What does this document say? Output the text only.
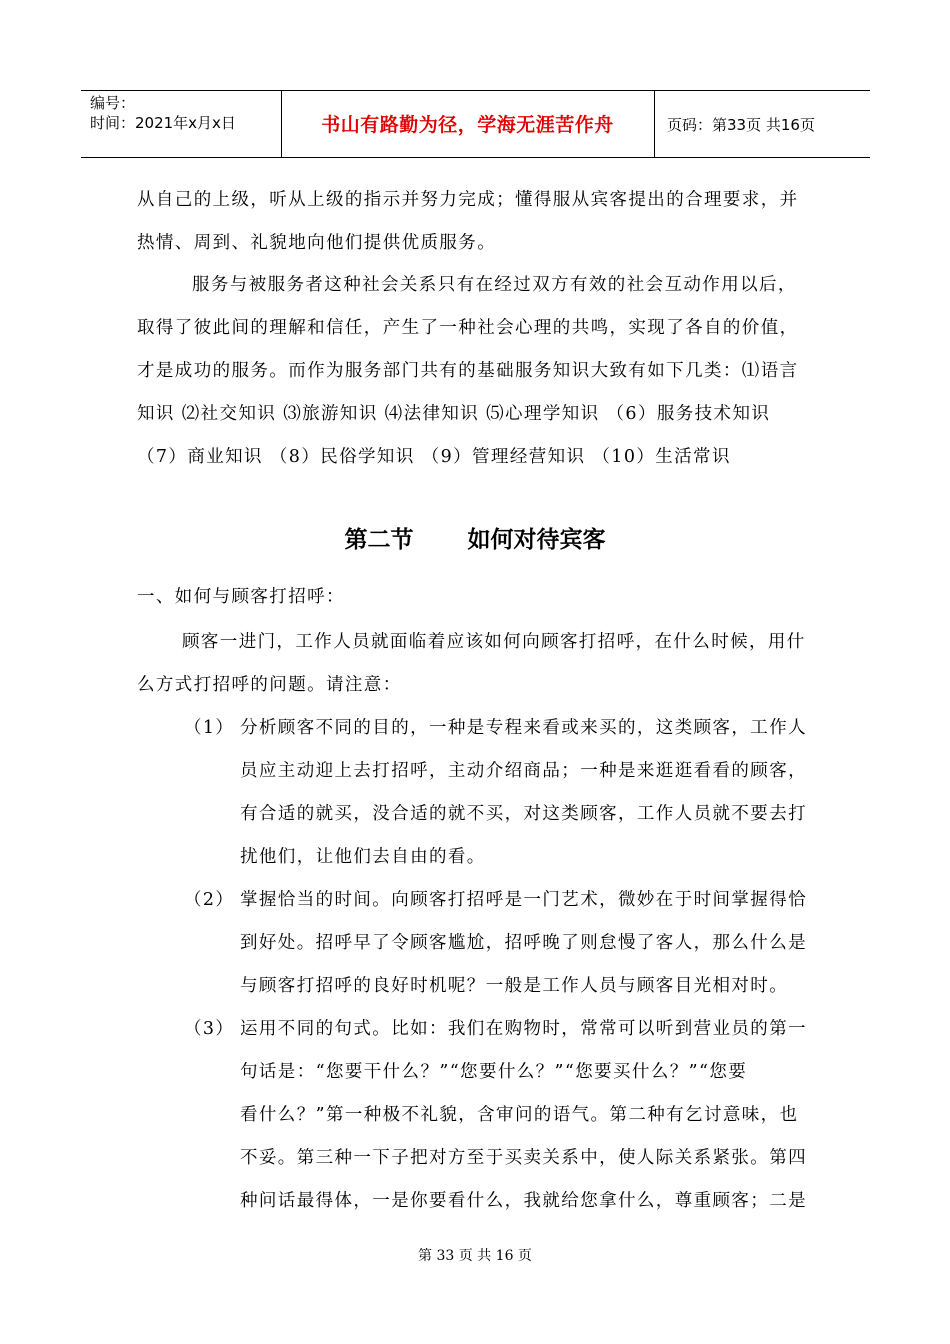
编号：
时间：2021年x月x日	书山有路勤为径，学海无涯苦作舟	页码：第33页 共16页
从自己的上级，听从上级的指示并努力完成；懂得服从宾客提出的合理要求，并
热情、周到、礼貌地向他们提供优质服务。
服务与被服务者这种社会关系只有在经过双方有效的社会互动作用以后，
取得了彼此间的理解和信任，产生了一种社会心理的共鸣，实现了各自的价值，
才是成功的服务。而作为服务部门共有的基础服务知识大致有如下几类：⑴语言
知识 ⑵社交知识 ⑶旅游知识 ⑷法律知识 ⑸心理学知识 （6）服务技术知识
（7）商业知识 （8）民俗学知识 （9）管理经营知识 （10）生活常识
第二节 如何对待宾客
一、如何与顾客打招呼：
顾客一进门，工作人员就面临着应该如何向顾客打招呼，在什么时候，用什
么方式打招呼的问题。请注意：
（1） 分析顾客不同的目的，一种是专程来看或来买的，这类顾客，工作人
员应主动迎上去打招呼，主动介绍商品；一种是来逛逛看看的顾客，
有合适的就买，没合适的就不买，对这类顾客，工作人员就不要去打
扰他们，让他们去自由的看。
（2） 掌握恰当的时间。向顾客打招呼是一门艺术，微妙在于时间掌握得恰
到好处。招呼早了令顾客尴尬，招呼晚了则怠慢了客人，那么什么是
与顾客打招呼的良好时机呢？一般是工作人员与顾客目光相对时。
（3） 运用不同的句式。比如：我们在购物时，常常可以听到营业员的第一
句话是：“您要干什么？”“您要什么？”“您要买什么？”“您要
看什么？”第一种极不礼貌，含审问的语气。第二种有乞讨意味，也
不妥。第三种一下子把对方至于买卖关系中，使人际关系紧张。第四
种问话最得体，一是你要看什么，我就给您拿什么，尊重顾客；二是
第 33 页 共 16 页
